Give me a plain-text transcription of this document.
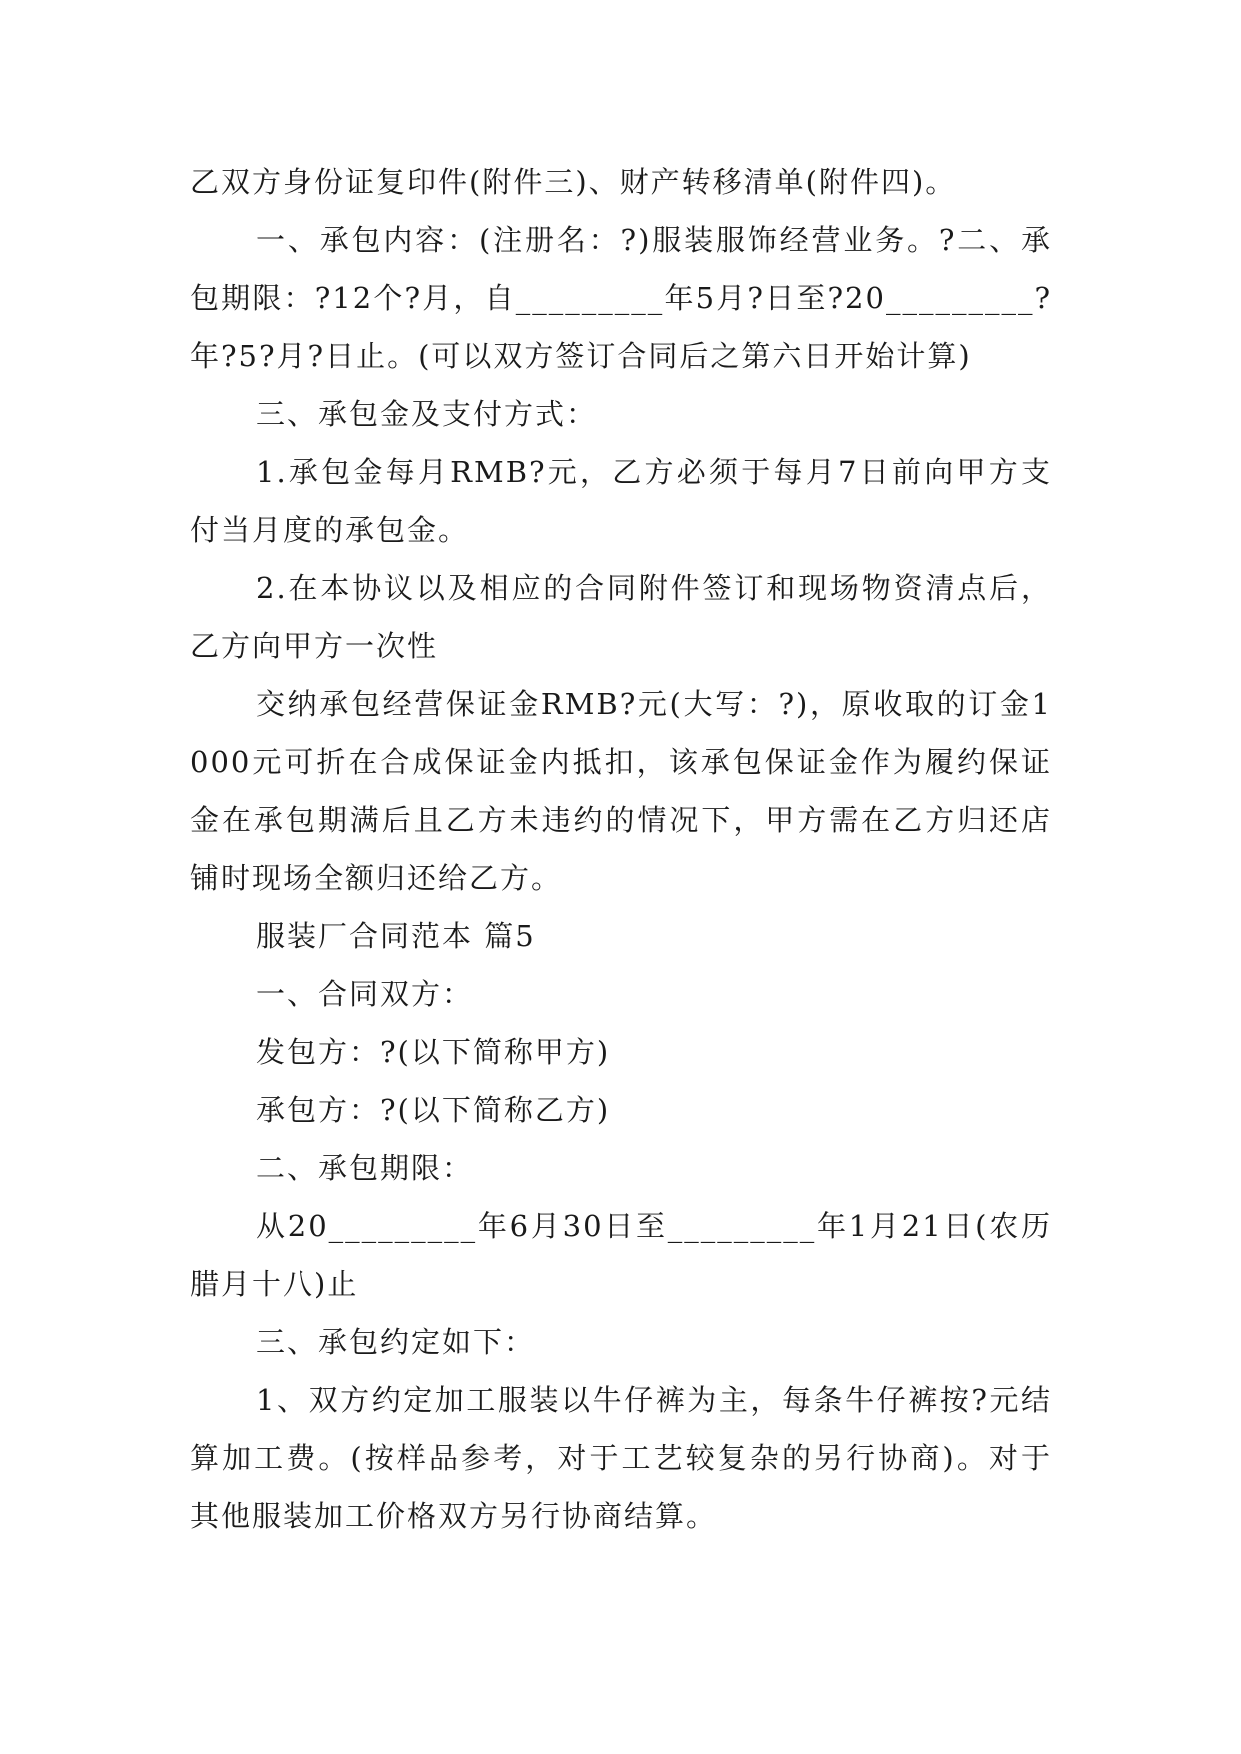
乙双方身份证复印件(附件三)、财产转移清单(附件四)。

一、承包内容：(注册名：?)服装服饰经营业务。?二、承包期限：?12个?月，自_________年5月?日至?20_________?年?5?月?日止。(可以双方签订合同后之第六日开始计算)

三、承包金及支付方式：

1.承包金每月RMB?元，乙方必须于每月7日前向甲方支付当月度的承包金。

2.在本协议以及相应的合同附件签订和现场物资清点后，乙方向甲方一次性

交纳承包经营保证金RMB?元(大写：?)，原收取的订金1000元可折在合成保证金内抵扣，该承包保证金作为履约保证金在承包期满后且乙方未违约的情况下，甲方需在乙方归还店铺时现场全额归还给乙方。

服装厂合同范本 篇5

一、合同双方：

发包方：?(以下简称甲方)

承包方：?(以下简称乙方)

二、承包期限：

从20_________年6月30日至_________年1月21日(农历腊月十八)止

三、承包约定如下：

1、双方约定加工服装以牛仔裤为主，每条牛仔裤按?元结算加工费。(按样品参考，对于工艺较复杂的另行协商)。对于其他服装加工价格双方另行协商结算。
